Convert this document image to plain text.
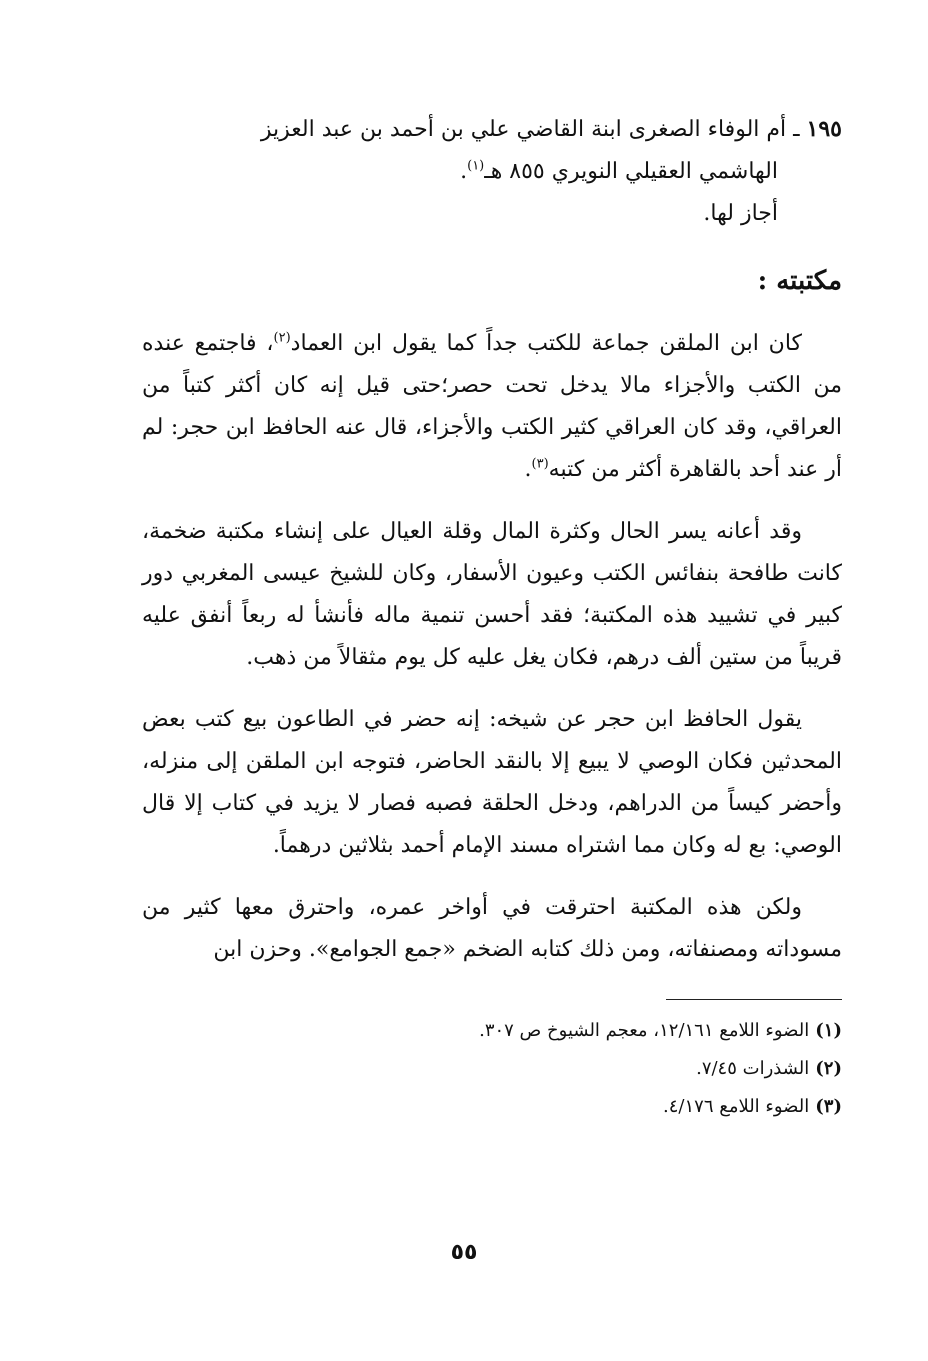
١٩٥ ـ أم الوفاء الصغرى ابنة القاضي علي بن أحمد بن عبد العزيز
الهاشمي العقيلي النويري ٨٥٥ هـ$^{(١)}$.
أجاز لها.

مكتبته :

كان ابن الملقن جماعة للكتب جداً كما يقول ابن العماد$^{(٢)}$، فاجتمع عنده من الكتب والأجزاء مالا يدخل تحت حصر؛حتى قيل إنه كان أكثر كتباً من العراقي، وقد كان العراقي كثير الكتب والأجزاء، قال عنه الحافظ ابن حجر: لم أر عند أحد بالقاهرة أكثر من كتبه$^{(٣)}$.

وقد أعانه يسر الحال وكثرة المال وقلة العيال على إنشاء مكتبة ضخمة، كانت طافحة بنفائس الكتب وعيون الأسفار، وكان للشيخ عيسى المغربي دور كبير في تشييد هذه المكتبة؛ فقد أحسن تنمية ماله فأنشأ له ربعاً أنفق عليه قريباً من ستين ألف درهم، فكان يغل عليه كل يوم مثقالاً من ذهب.

يقول الحافظ ابن حجر عن شيخه: إنه حضر في الطاعون بيع كتب بعض المحدثين فكان الوصي لا يبيع إلا بالنقد الحاضر، فتوجه ابن الملقن إلى منزله، وأحضر كيساً من الدراهم، ودخل الحلقة فصبه فصار لا يزيد في كتاب إلا قال الوصي: بع له وكان مما اشتراه مسند الإمام أحمد بثلاثين درهماً.

ولكن هذه المكتبة احترقت في أواخر عمره، واحترق معها كثير من مسوداته ومصنفاته، ومن ذلك كتابه الضخم «جمع الجوامع». وحزن ابن

(١)الضوء اللامع ١٢/١٦١، معجم الشيوخ ص ٣٠٧.
(٢)الشذرات ٧/٤٥.
(٣)الضوء اللامع ٤/١٧٦.
٥٥
